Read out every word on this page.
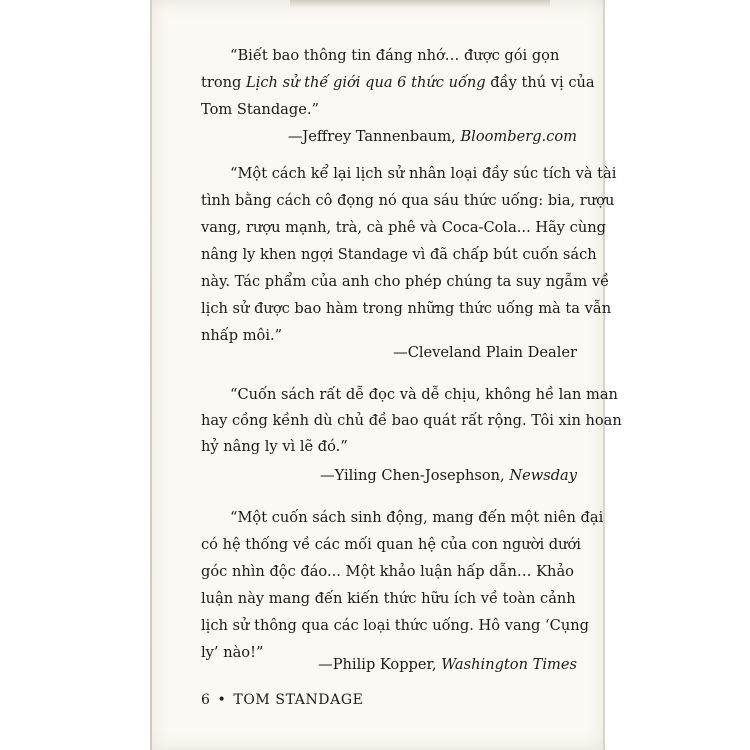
“Biết bao thông tin đáng nhớ… được gói gọn
trong Lịch sử thế giới qua 6 thức uống đầy thú vị của
Tom Standage.”
—Jeffrey Tannenbaum, Bloomberg.com
“Một cách kể lại lịch sử nhân loại đầy súc tích và tài
tình bằng cách cô đọng nó qua sáu thức uống: bia, rượu
vang, rượu mạnh, trà, cà phê và Coca-Cola... Hãy cùng
nâng ly khen ngợi Standage vì đã chấp bút cuốn sách
này. Tác phẩm của anh cho phép chúng ta suy ngẫm về
lịch sử được bao hàm trong những thức uống mà ta vẫn
nhấp môi.”
—Cleveland Plain Dealer
“Cuốn sách rất dễ đọc và dễ chịu, không hề lan man
hay cồng kềnh dù chủ đề bao quát rất rộng. Tôi xin hoan
hỷ nâng ly vì lẽ đó.”
—Yiling Chen-Josephson, Newsday
“Một cuốn sách sinh động, mang đến một niên đại
có hệ thống về các mối quan hệ của con người dưới
góc nhìn độc đáo... Một khảo luận hấp dẫn… Khảo
luận này mang đến kiến thức hữu ích về toàn cảnh
lịch sử thông qua các loại thức uống. Hô vang ‘Cụng
ly’ nào!”
—Philip Kopper, Washington Times
6 • TOM STANDAGE
